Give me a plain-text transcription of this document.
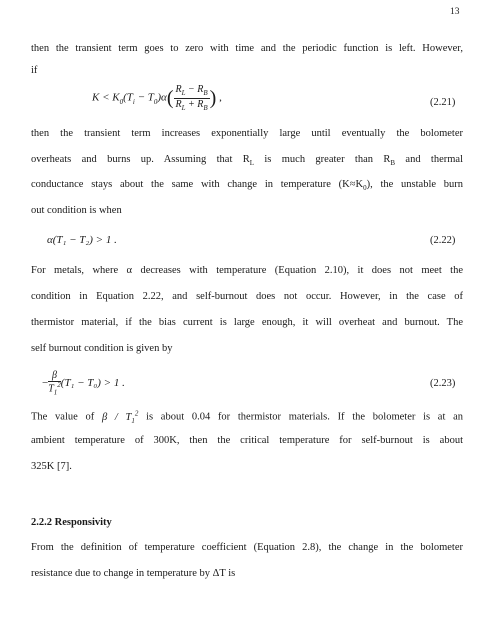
13
then the transient term goes to zero with time and the periodic function is left. However,
if
$K < K_0(T_i - T_0)\alpha( \frac{R_L - R_B}{R_L + R_B}$ ) ,	(2.21)
then the transient term increases exponentially large until eventually the bolometer
overheats and burns up. Assuming that $R_L$ is much greater than $R_B$ and thermal
conductance stays about the same with change in temperature $(K\approx K_0)$, the unstable burn
out condition is when
α(T₁ − T₂) > 1 .	(2.22)
For metals, where α decreases with temperature (Equation 2.10), it does not meet the
condition in Equation 2.22, and self-burnout does not occur. However, in the case of
thermistor material, if the bias current is large enough, it will overheat and burnout. The
self burnout condition is given by
− $\frac{\beta}{T_1^2} (T_1 - T_0) > 1$ .	(2.23)
The value of β / $T_1^2$ is about 0.04 for thermistor materials. If the bolometer is at an
ambient temperature of 300K, then the critical temperature for self-burnout is about
325K [7].
2.2.2 Responsivity
From the definition of temperature coefficient (Equation 2.8), the change in the bolometer
resistance due to change in temperature by ΔT is
